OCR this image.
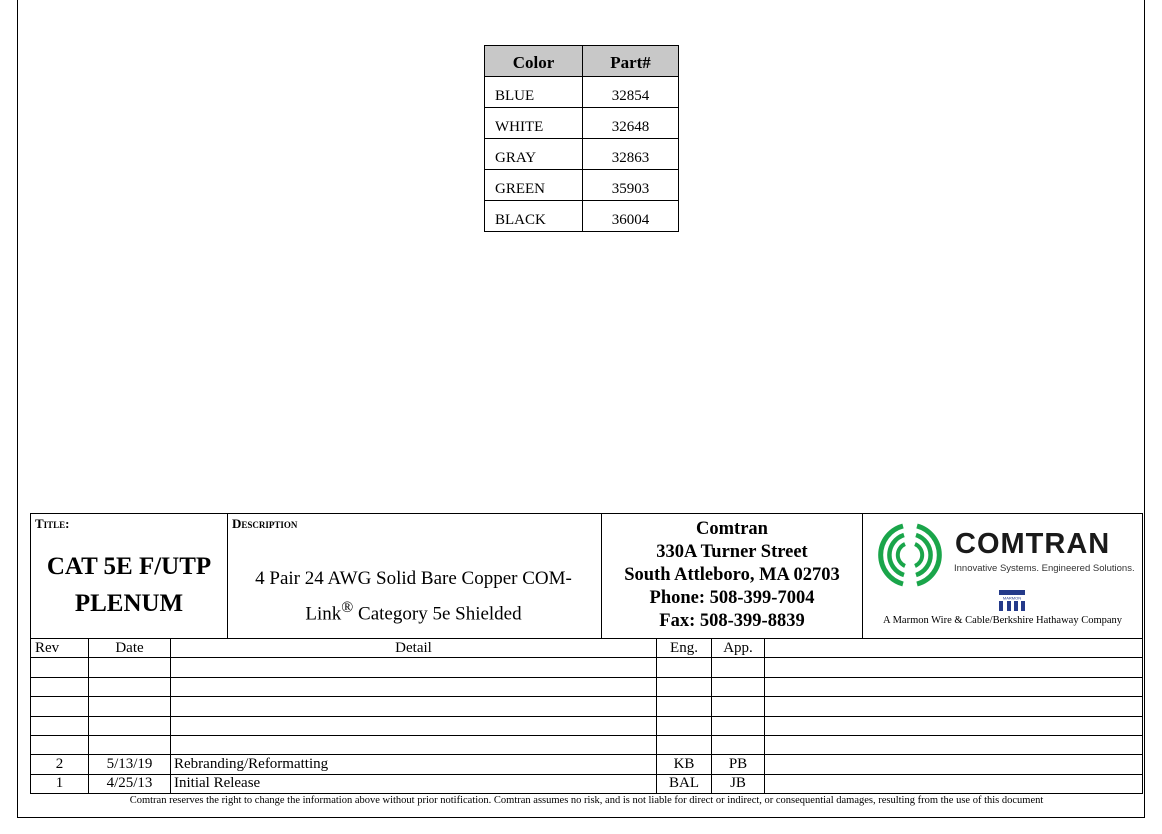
Color	Part#
BLUE	32854
WHITE	32648
GRAY	32863
GREEN	35903
BLACK	36004
Title:
CAT 5E F/UTP
PLENUM
Description
4 Pair 24 AWG Solid Bare Copper COM-
Link® Category 5e Shielded
Comtran
330A Turner Street
South Attleboro, MA 02703
Phone: 508-399-7004
Fax: 508-399-8839
COMTRAN
Innovative Systems. Engineered Solutions.
MARMON
A Marmon Wire & Cable/Berkshire Hathaway Company
Rev	Date	Detail	Eng.	App.	

2	5/13/19	Rebranding/Reformatting	KB	PB	
1	4/25/13	Initial Release	BAL	JB	
Comtran reserves the right to change the information above without prior notification. Comtran assumes no risk, and is not liable for direct or indirect, or consequential damages, resulting from the use of this document
